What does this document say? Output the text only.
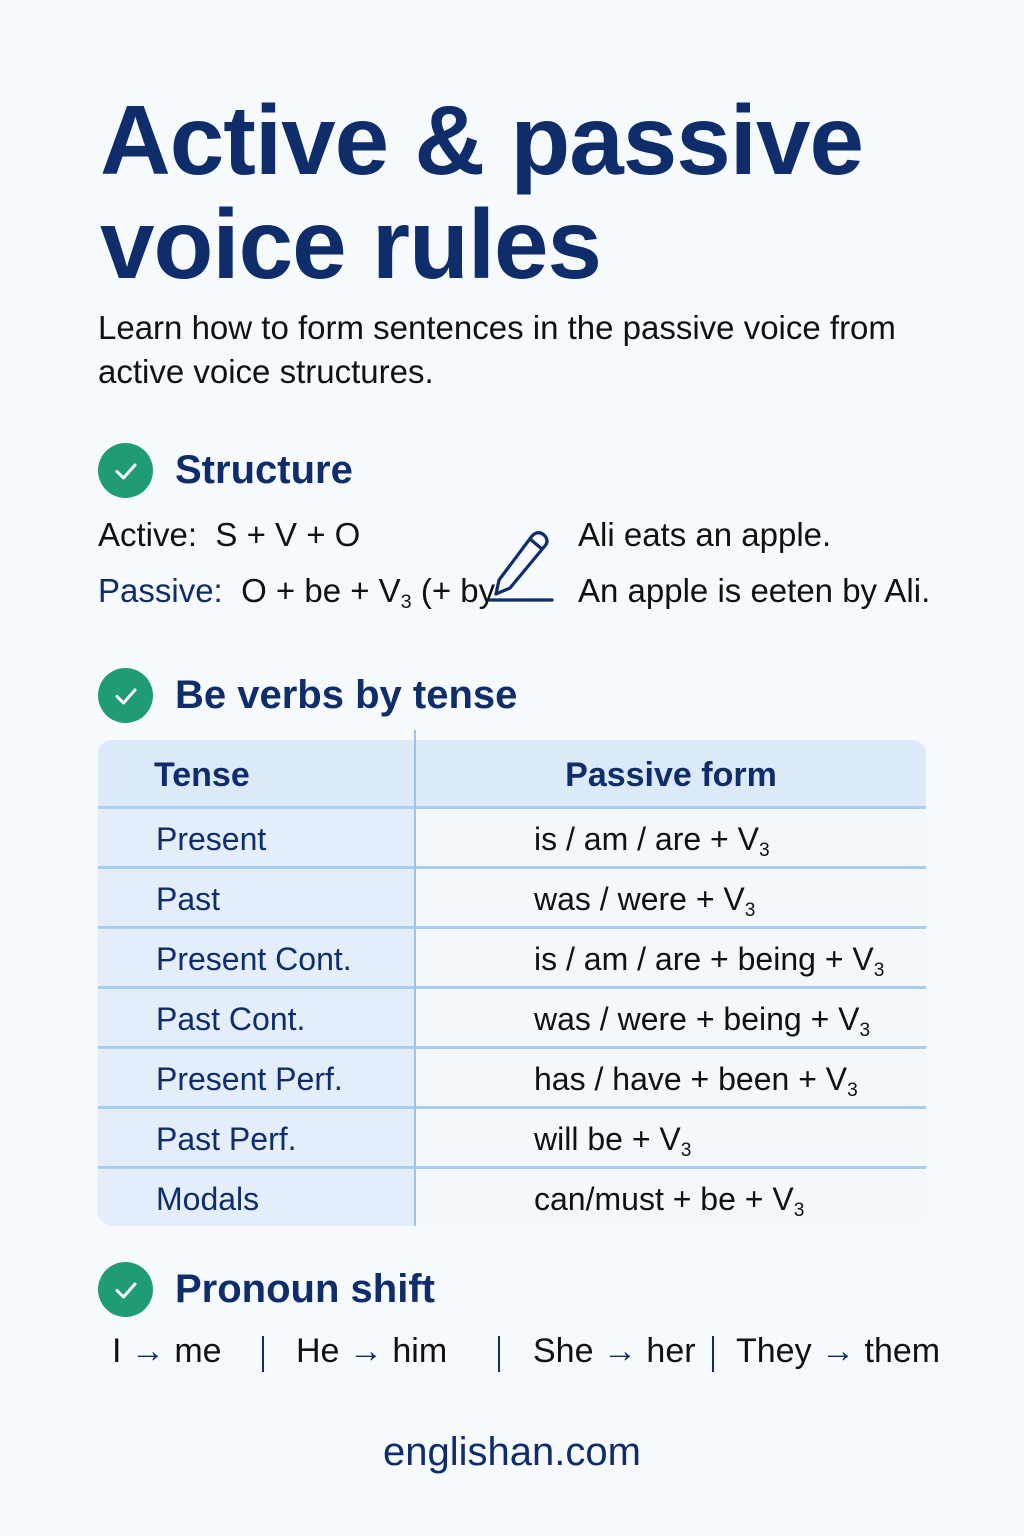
Active & passive
voice rules

Learn how to form sentences in the passive voice from active voice structures.

Structure
Active: S + V + O
Passive: O + be + $V_3$ (+ by
Ali eats an apple.
An apple is eeten by Ali.
Be verbs by tense
Tense	Passive form
Present	is / am / are + $V_3$
Past	was / were + $V_3$
Present Cont.	is / am / are + being + $V_3$
Past Cont.	was / were + being + $V_3$
Present Perf.	has / have + been + $V_3$
Past Perf.	will be + $V_3$
Modals	can/must + be + $V_3$
Pronoun shift
I → me He → him	She → her They → them
englishan.com
